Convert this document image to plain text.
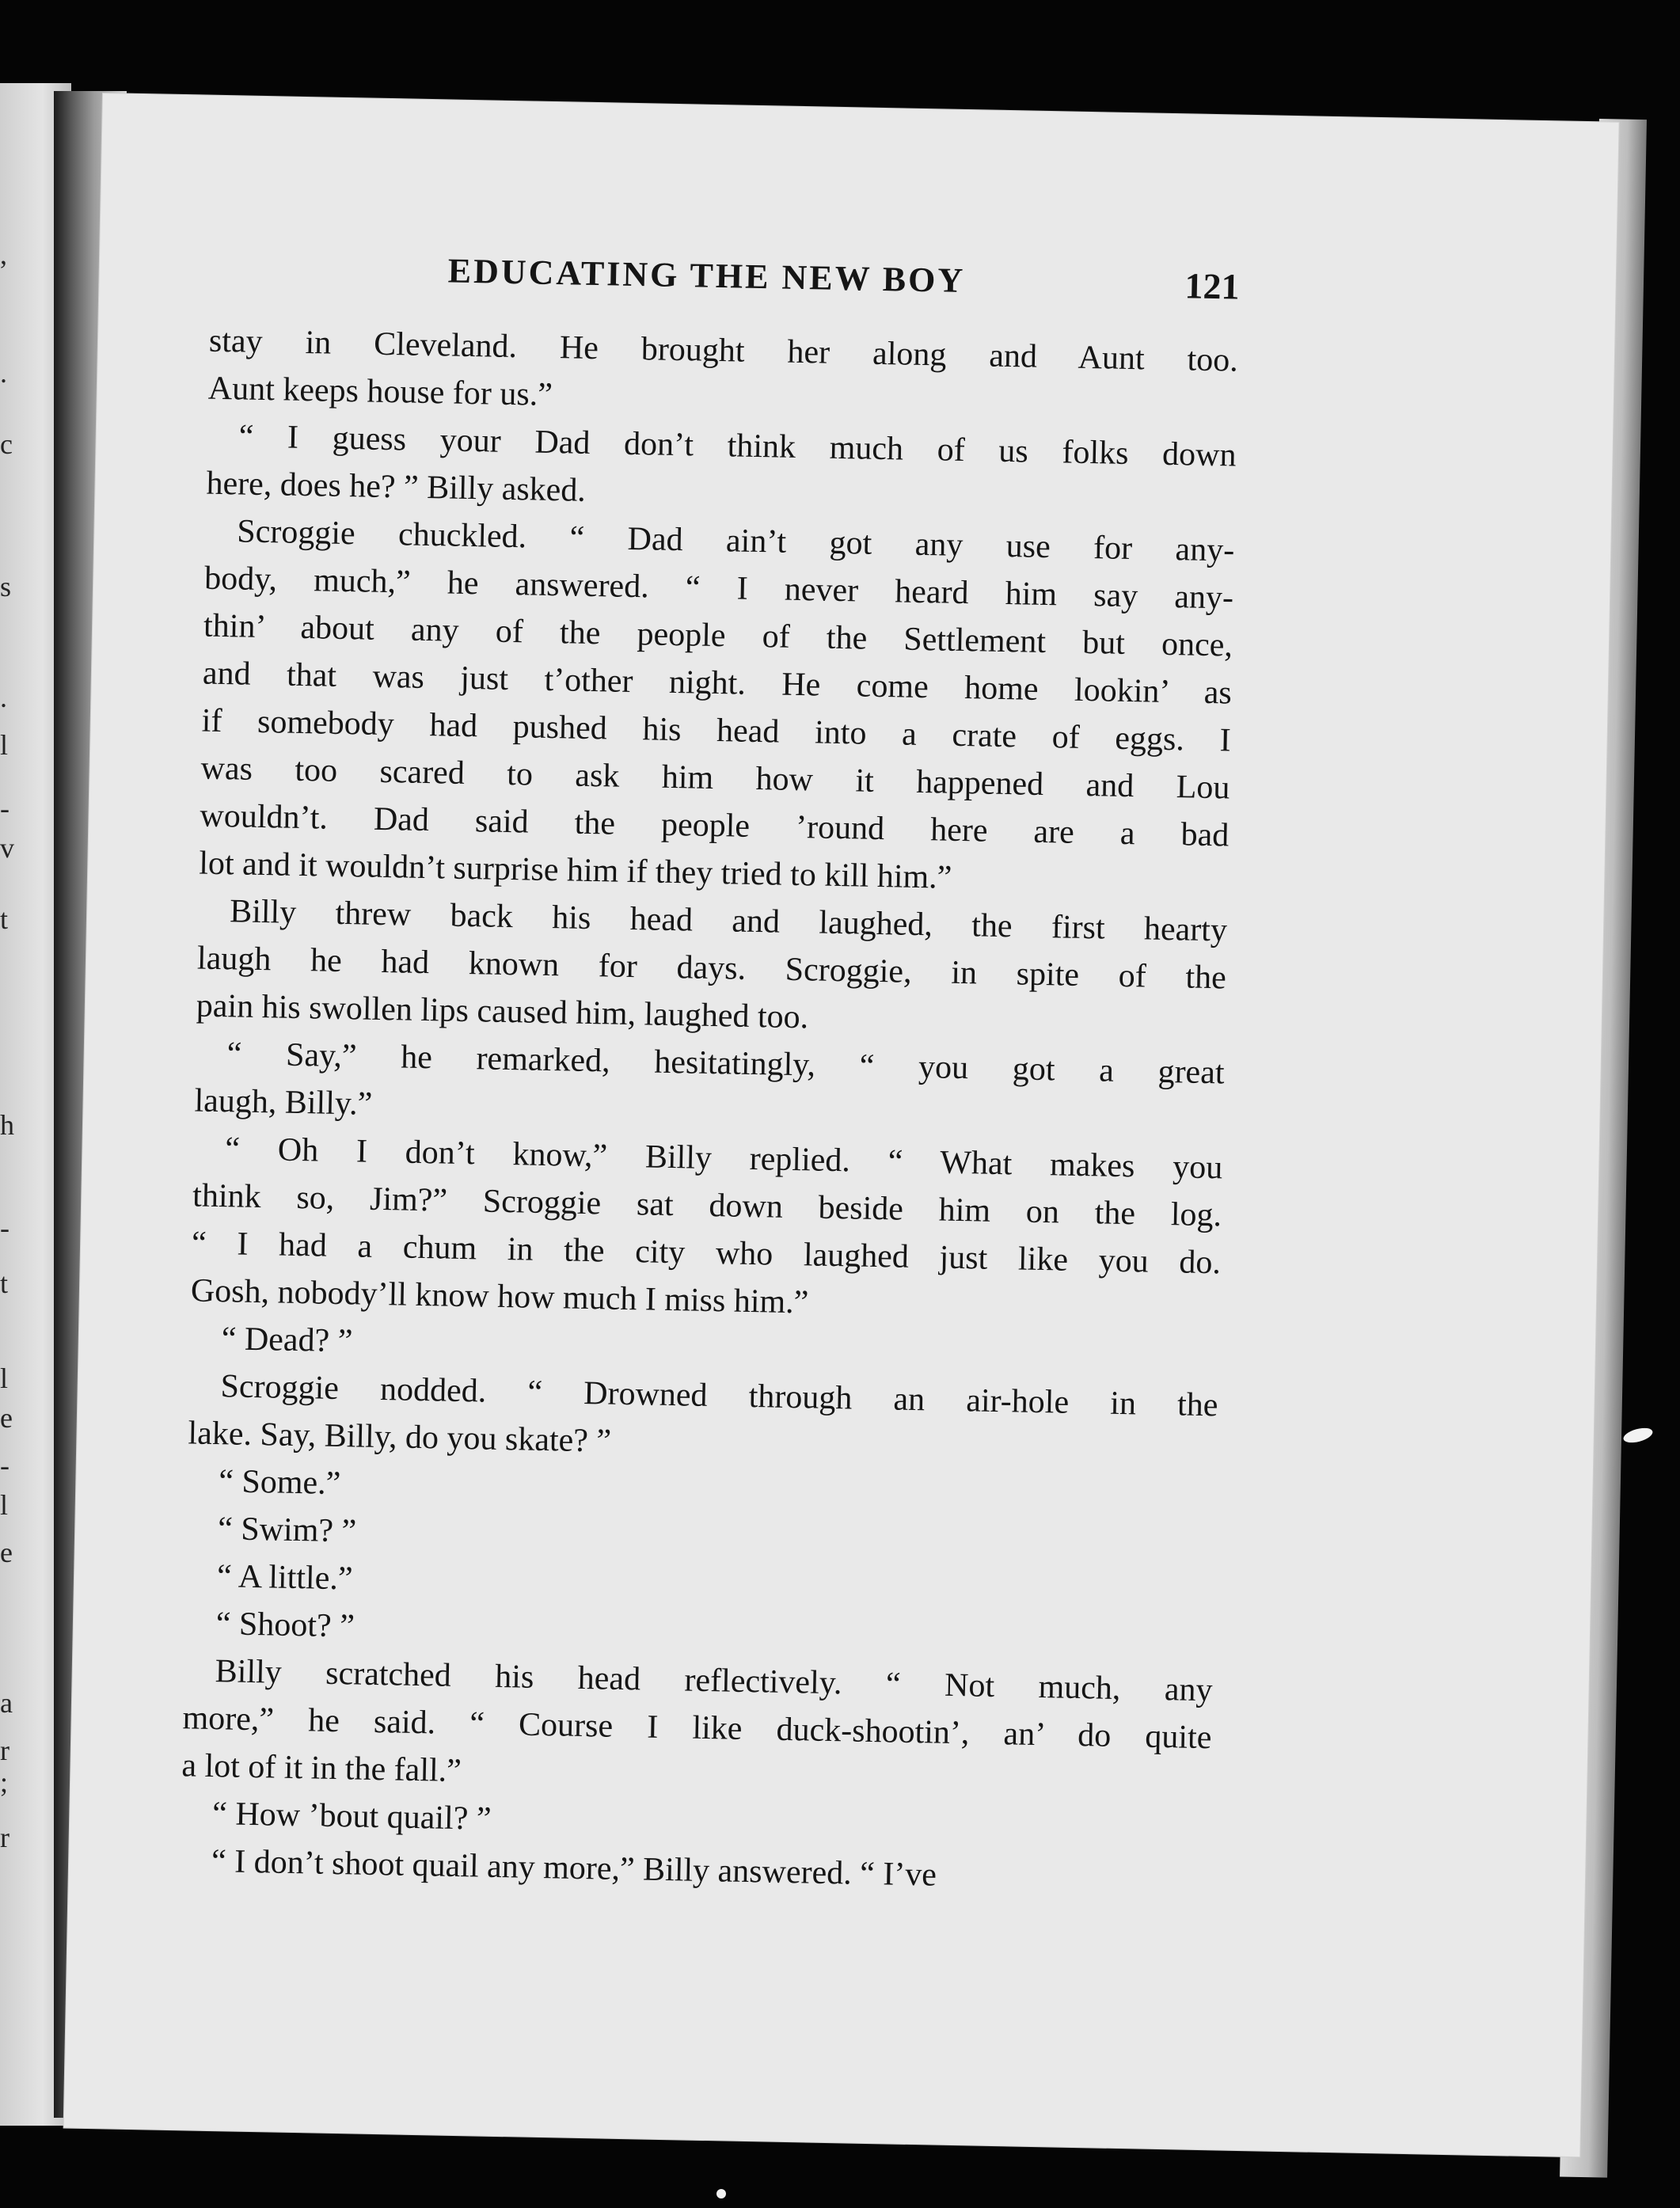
,
.
c
s
.
l
-
v
t
h
-
t
l
e
-
l
e
a
r
;
r
EDUCATING THE NEW BOY	121
stay in Cleveland. He brought her along and Aunt too.
Aunt keeps house for us.”
“ I guess your Dad don’t think much of us folks down
here, does he? ” Billy asked.
Scroggie chuckled. “ Dad ain’t got any use for any-
body, much,” he answered. “ I never heard him say any-
thin’ about any of the people of the Settlement but once,
and that was just t’other night. He come home lookin’ as
if somebody had pushed his head into a crate of eggs. I
was too scared to ask him how it happened and Lou
wouldn’t. Dad said the people ’round here are a bad
lot and it wouldn’t surprise him if they tried to kill him.”
Billy threw back his head and laughed, the first hearty
laugh he had known for days. Scroggie, in spite of the
pain his swollen lips caused him, laughed too.
“ Say,” he remarked, hesitatingly, “ you got a great
laugh, Billy.”
“ Oh I don’t know,” Billy replied. “ What makes you
think so, Jim?” Scroggie sat down beside him on the log.
“ I had a chum in the city who laughed just like you do.
Gosh, nobody’ll know how much I miss him.”
“ Dead? ”
Scroggie nodded. “ Drowned through an air-hole in the
lake. Say, Billy, do you skate? ”
“ Some.”
“ Swim? ”
“ A little.”
“ Shoot? ”
Billy scratched his head reflectively. “ Not much, any
more,” he said. “ Course I like duck-shootin’, an’ do quite
a lot of it in the fall.”
“ How ’bout quail? ”
“ I don’t shoot quail any more,” Billy answered. “ I’ve
